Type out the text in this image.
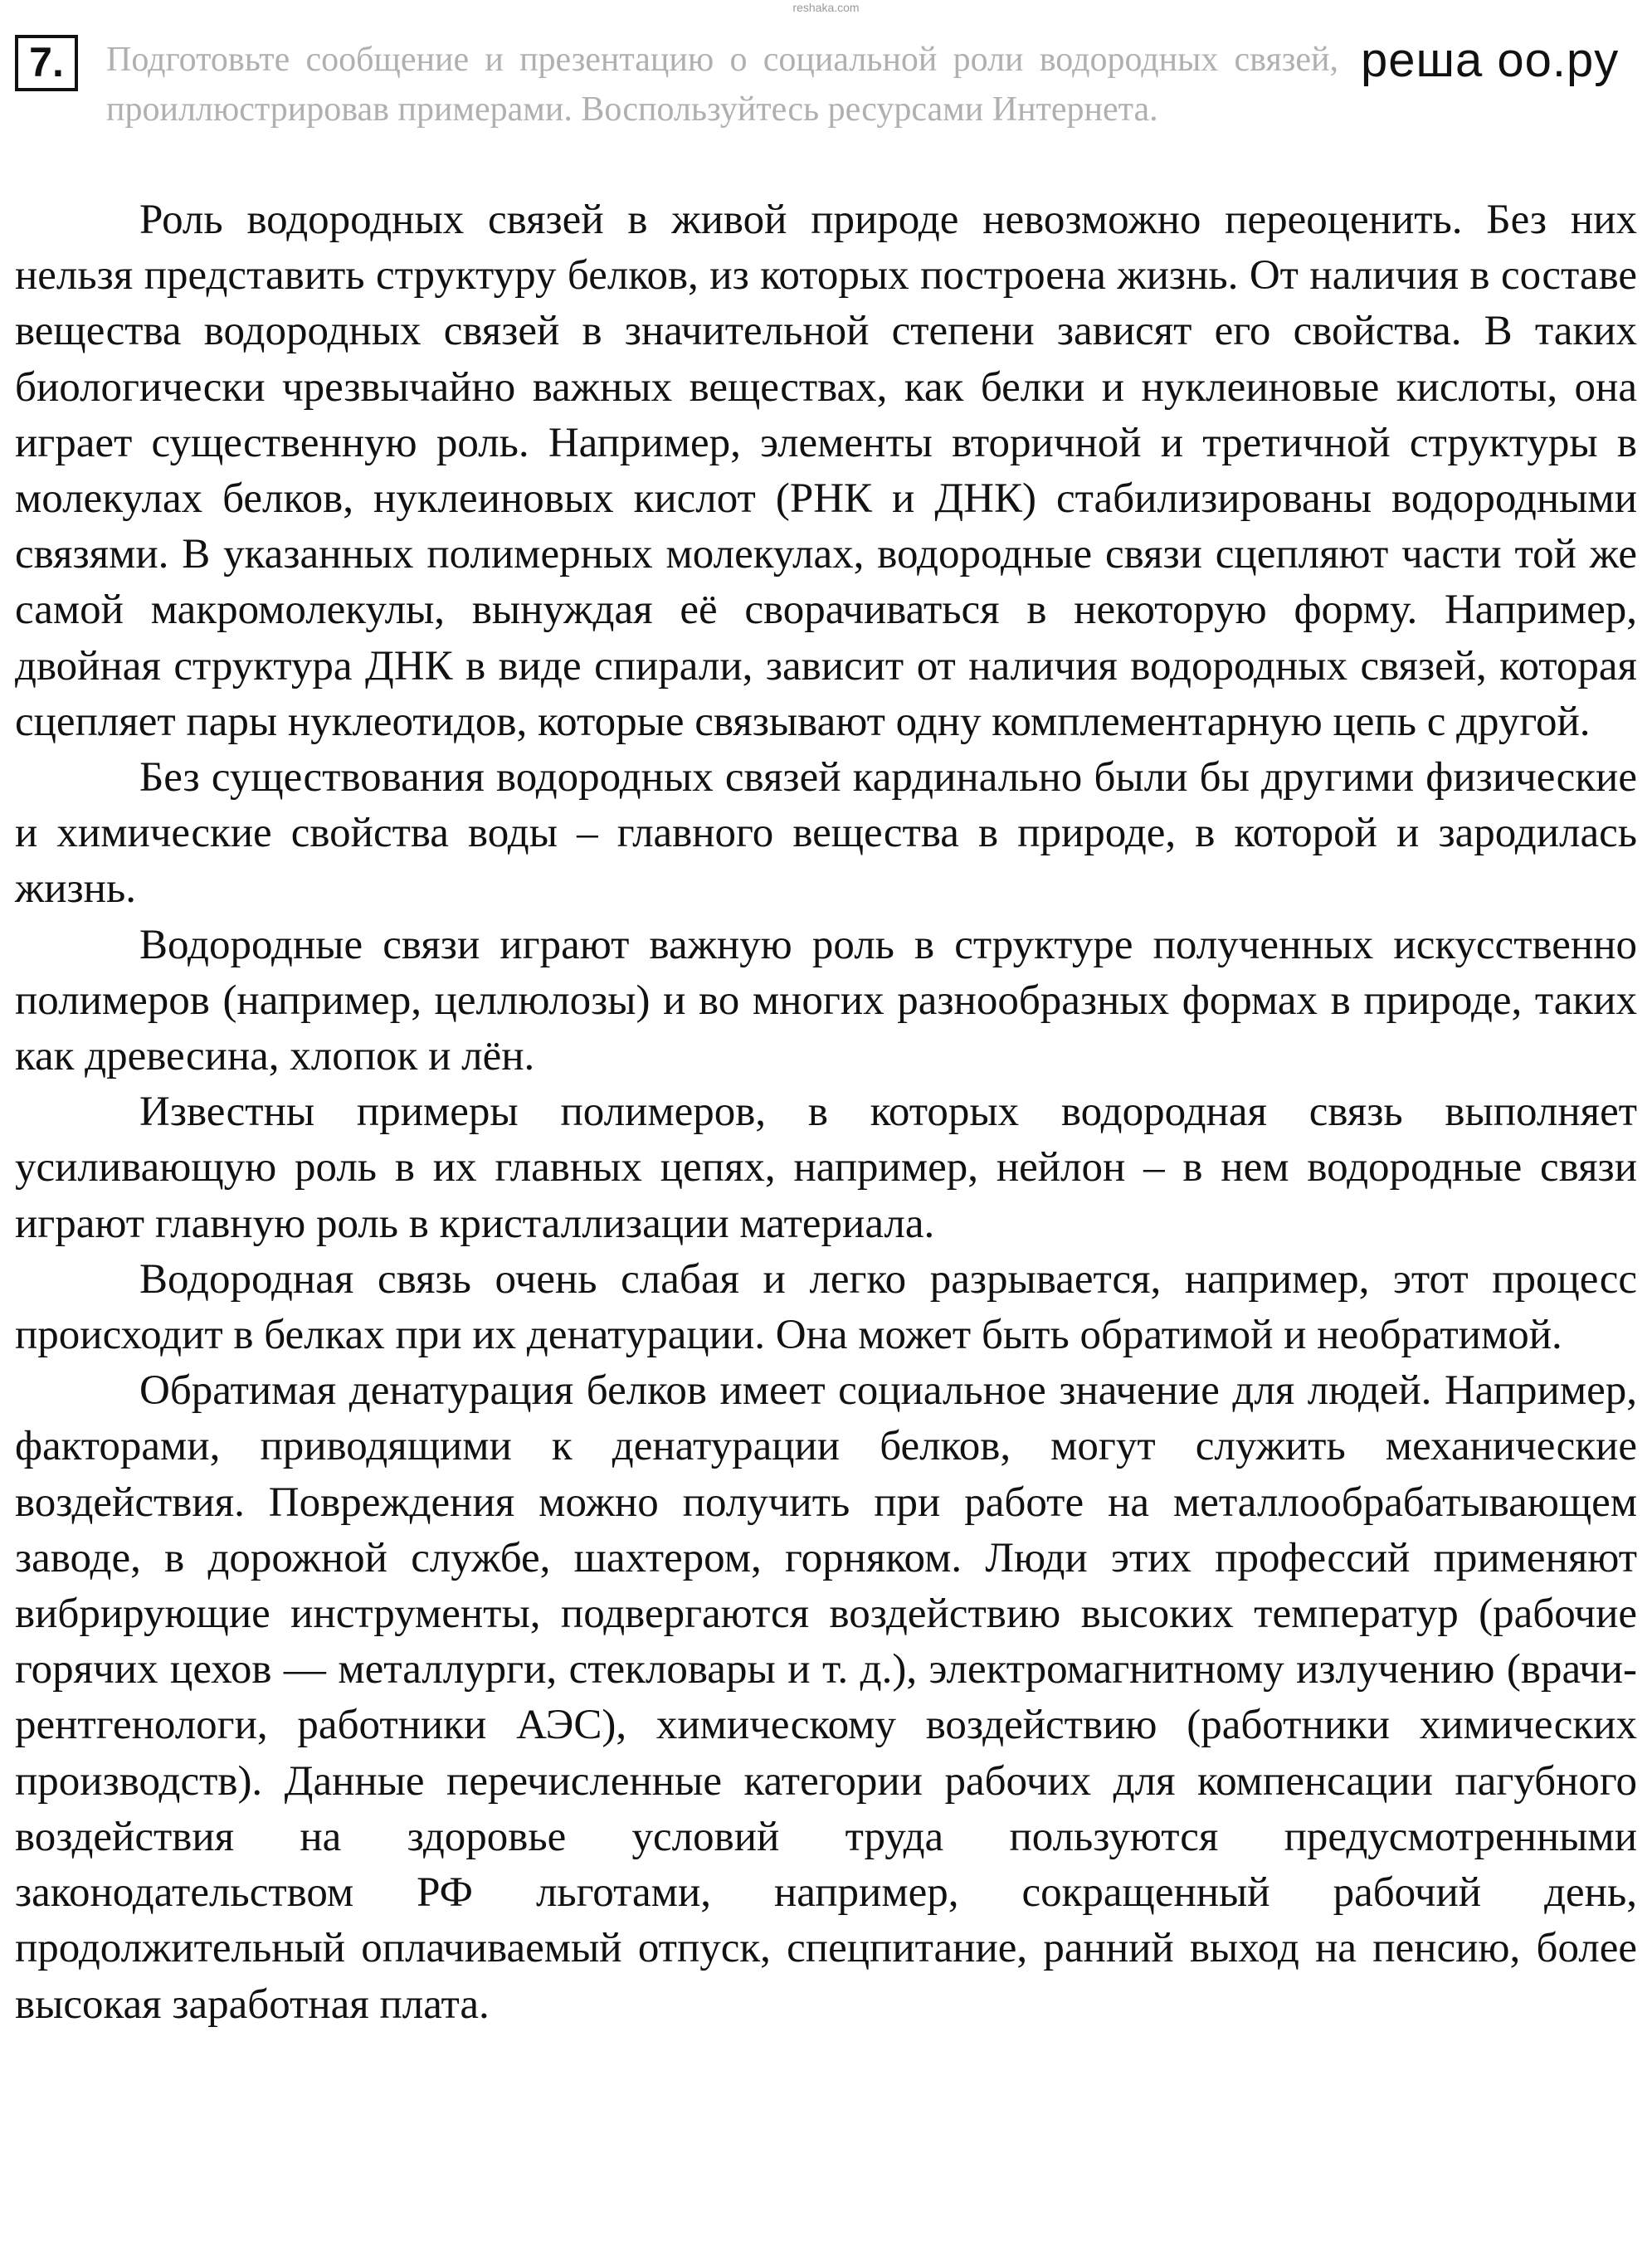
reshaka.com
решa oo.py
7.	Подготовьте сообщение и презентацию о социальной роли водородных связей, проиллюстрировав примерами. Воспользуйтесь ресурсами Интернета.

Роль водородных связей в живой природе невозможно переоценить. Без них нельзя представить структуру белков, из которых построена жизнь. От наличия в составе вещества водородных связей в значительной степени зависят его свойства. В таких биологически чрезвычайно важных веществах, как белки и нуклеиновые кислоты, она играет существенную роль. Например, элементы вторичной и третичной структуры в молекулах белков, нуклеиновых кислот (РНК и ДНК) стабилизированы водородными связями. В указанных полимерных молекулах, водородные связи сцепляют части той же самой макромолекулы, вынуждая её сворачиваться в некоторую форму. Например, двойная структура ДНК в виде спирали, зависит от наличия водородных связей, которая сцепляет пары нуклеотидов, которые связывают одну комплементарную цепь с другой.

Без существования водородных связей кардинально были бы другими физические и химические свойства воды – главного вещества в природе, в которой и зародилась жизнь.

Водородные связи играют важную роль в структуре полученных искусственно полимеров (например, целлюлозы) и во многих разнообразных формах в природе, таких как древесина, хлопок и лён.

Известны примеры полимеров, в которых водородная связь выполняет усиливающую роль в их главных цепях, например, нейлон – в нем водородные связи играют главную роль в кристаллизации материала.

Водородная связь очень слабая и легко разрывается, например, этот процесс происходит в белках при их денатурации. Она может быть обратимой и необратимой.

Обратимая денатурация белков имеет социальное значение для людей. Например, факторами, приводящими к денатурации белков, могут служить механические воздействия. Повреждения можно получить при работе на металлообрабатывающем заводе, в дорожной службе, шахтером, горняком. Люди этих профессий применяют вибрирующие инструменты, подвергаются воздействию высоких температур (рабочие горячих цехов — металлурги, стекловары и т. д.), электромагнитному излучению (врачи-рентгенологи, работники АЭС), химическому воздействию (работники химических производств). Данные перечисленные категории рабочих для компенсации пагубного воздействия на здоровье условий труда пользуются предусмотренными законодательством РФ льготами, например, сокращенный рабочий день, продолжительный оплачиваемый отпуск, спецпитание, ранний выход на пенсию, более высокая заработная плата.
